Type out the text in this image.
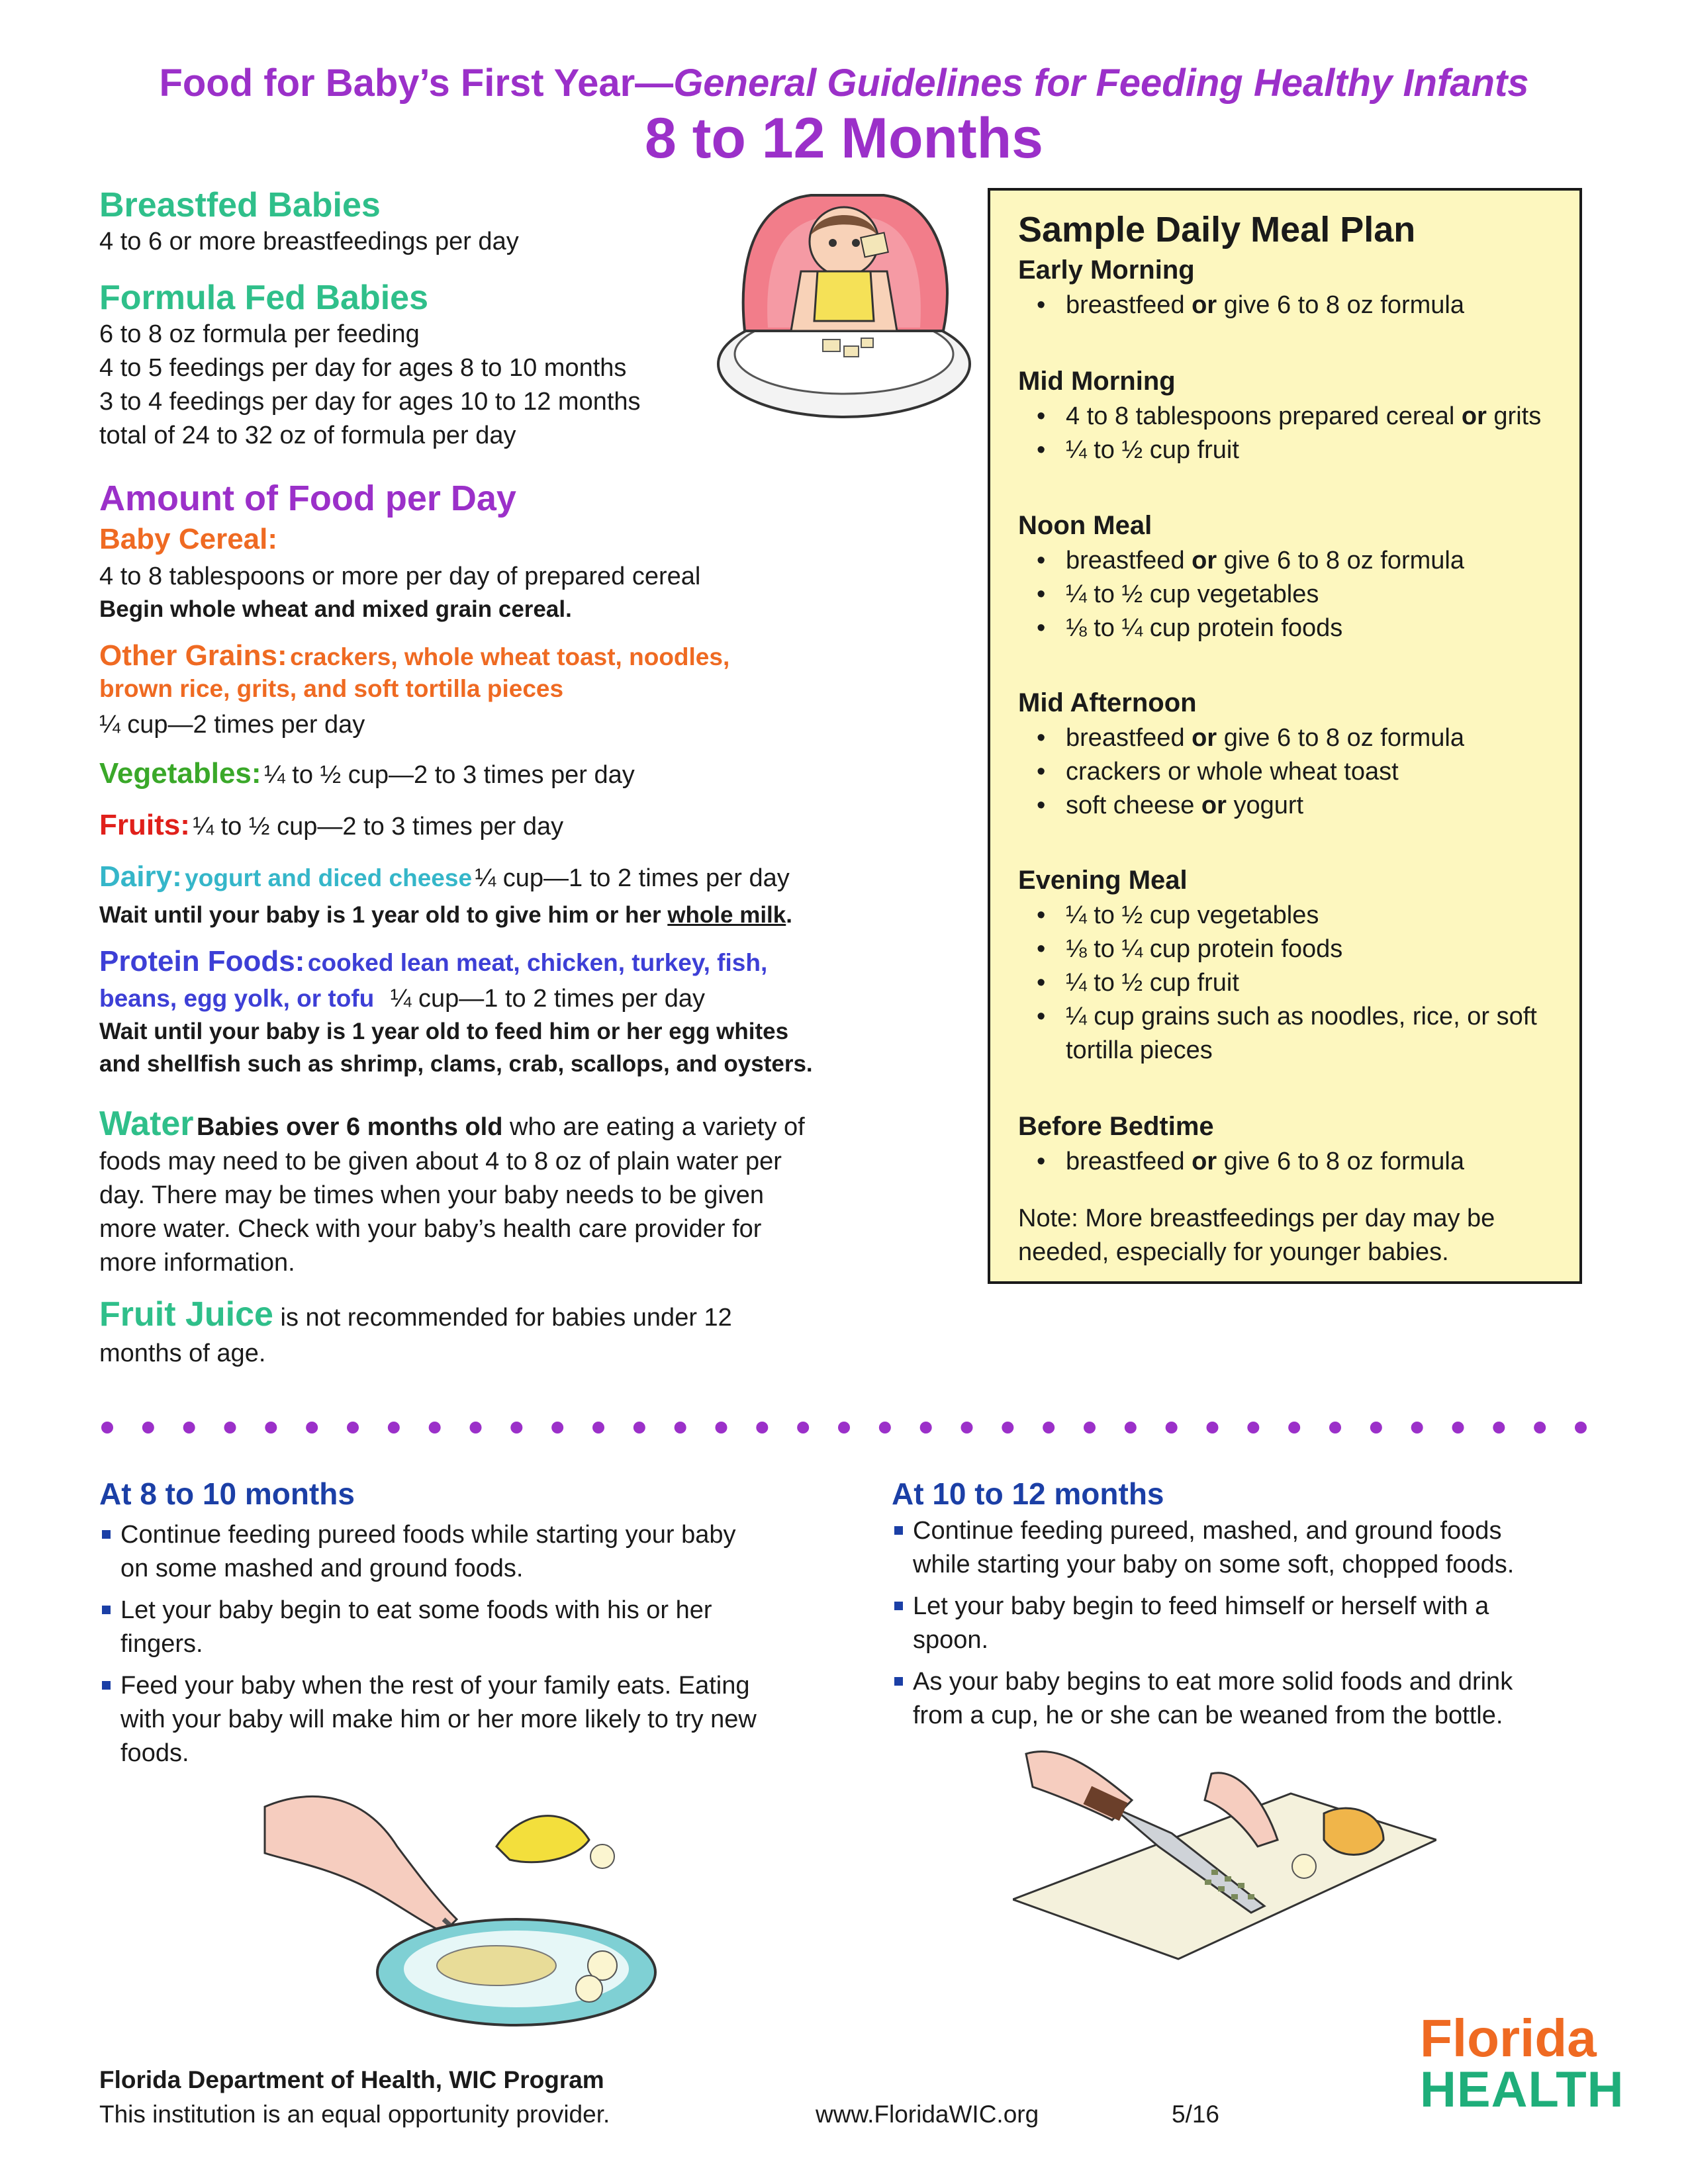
Food for Baby’s First Year—General Guidelines for Feeding Healthy Infants
8 to 12 Months
Breastfed Babies
4 to 6 or more breastfeedings per day
Formula Fed Babies
6 to 8 oz formula per feeding
4 to 5 feedings per day for ages 8 to 10 months
3 to 4 feedings per day for ages 10 to 12 months
total of 24 to 32 oz of formula per day
Amount of Food per Day
Baby Cereal:
4 to 8 tablespoons or more per day of prepared cereal
Begin whole wheat and mixed grain cereal.
Other Grains: crackers, whole wheat toast, noodles,
brown rice, grits, and soft tortilla pieces
¼ cup—2 times per day
Vegetables: ¼ to ½ cup—2 to 3 times per day
Fruits: ¼ to ½ cup—2 to 3 times per day
Dairy: yogurt and diced cheese ¼ cup—1 to 2 times per day
Wait until your baby is 1 year old to give him or her whole milk.
Protein Foods: cooked lean meat, chicken, turkey, fish,
beans, egg yolk, or tofu ¼ cup—1 to 2 times per day
Wait until your baby is 1 year old to feed him or her egg whites
and shellfish such as shrimp, clams, crab, scallops, and oysters.
Water Babies over 6 months old who are eating a variety of
foods may need to be given about 4 to 8 oz of plain water per
day. There may be times when your baby needs to be given
more water. Check with your baby’s health care provider for
more information.
Fruit Juice is not recommended for babies under 12
months of age.
Sample Daily Meal Plan
Early Morning
• breastfeed or give 6 to 8 oz formula
Mid Morning
• 4 to 8 tablespoons prepared cereal or grits
• ¼ to ½ cup fruit
Noon Meal
• breastfeed or give 6 to 8 oz formula
• ¼ to ½ cup vegetables
• ⅛ to ¼ cup protein foods
Mid Afternoon
• breastfeed or give 6 to 8 oz formula
• crackers or whole wheat toast
• soft cheese or yogurt
Evening Meal
• ¼ to ½ cup vegetables
• ⅛ to ¼ cup protein foods
• ¼ to ½ cup fruit
• ¼ cup grains such as noodles, rice, or soft
tortilla pieces
Before Bedtime
• breastfeed or give 6 to 8 oz formula
Note: More breastfeedings per day may be
needed, especially for younger babies.
At 8 to 10 months
Continue feeding pureed foods while starting your baby
on some mashed and ground foods.
Let your baby begin to eat some foods with his or her
fingers.
Feed your baby when the rest of your family eats. Eating
with your baby will make him or her more likely to try new
foods.
At 10 to 12 months
Continue feeding pureed, mashed, and ground foods
while starting your baby on some soft, chopped foods.
Let your baby begin to feed himself or herself with a
spoon.
As your baby begins to eat more solid foods and drink
from a cup, he or she can be weaned from the bottle.
Florida Department of Health, WIC Program
This institution is an equal opportunity provider.	www.FloridaWIC.org	5/16
Florida
HEALTH
